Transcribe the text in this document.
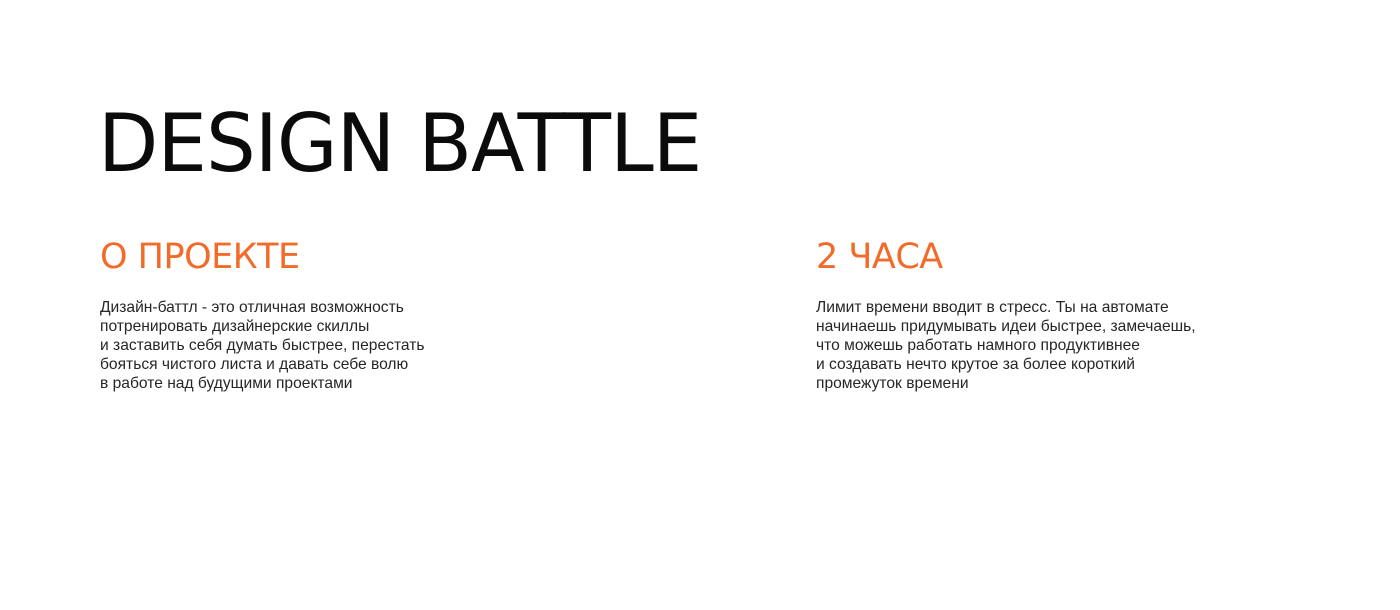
DESIGN BATTLE
О ПРОЕКТЕ

Дизайн-баттл - это отличная возможность
потренировать дизайнерские скиллы
и заставить себя думать быстрее, перестать
бояться чистого листа и давать себе волю
в работе над будущими проектами

2 ЧАСА

Лимит времени вводит в стресс. Ты на автомате
начинаешь придумывать идеи быстрее, замечаешь,
что можешь работать намного продуктивнее
и создавать нечто крутое за более короткий
промежуток времени
